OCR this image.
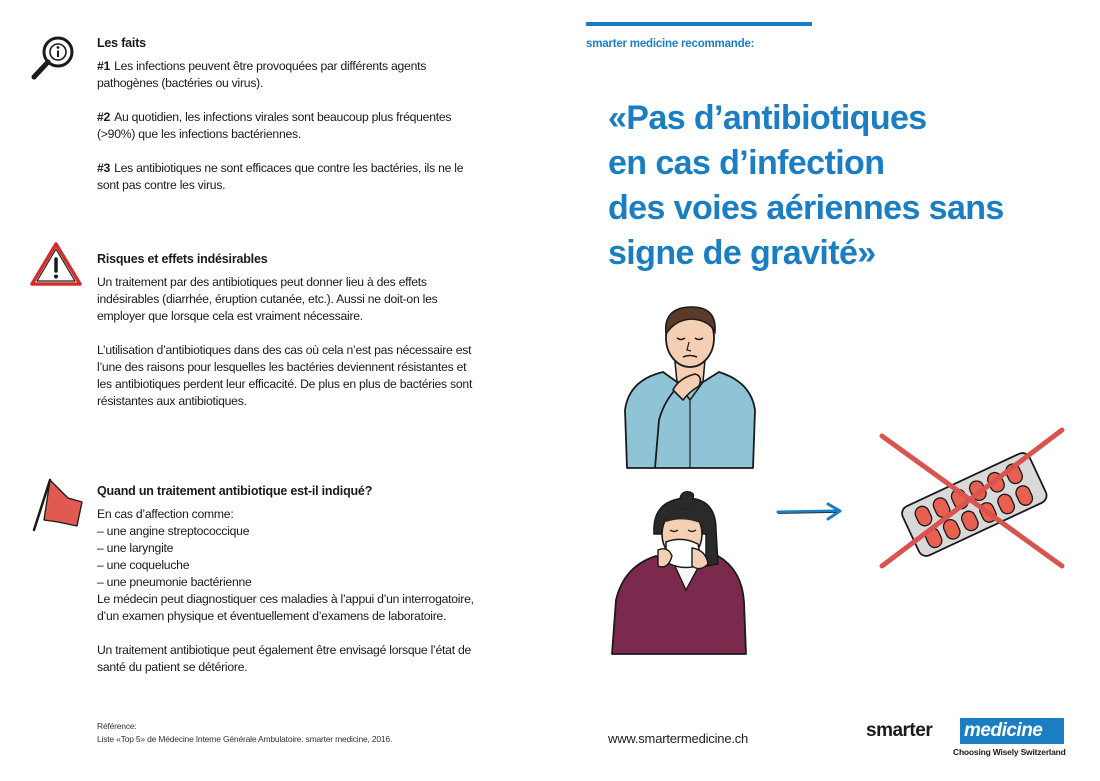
Les faits
#1 Les infections peuvent être provoquées par différents agents pathogènes (bactéries ou virus).
#2 Au quotidien, les infections virales sont beaucoup plus fréquentes (>90%) que les infections bactériennes.
#3 Les antibiotiques ne sont efficaces que contre les bactéries, ils ne le sont pas contre les virus.
Risques et effets indésirables
Un traitement par des antibiotiques peut donner lieu à des effets indésirables (diarrhée, éruption cutanée, etc.). Aussi ne doit-on les employer que lorsque cela est vraiment nécessaire.
L’utilisation d’antibiotiques dans des cas où cela n’est pas nécessaire est l’une des raisons pour lesquelles les bactéries deviennent résistantes et les antibiotiques perdent leur efficacité. De plus en plus de bactéries sont résistantes aux antibiotiques.
Quand un traitement antibiotique est-il indiqué?
En cas d’affection comme:
– une angine streptococcique
– une laryngite
– une coqueluche
– une pneumonie bactérienne
Le médecin peut diagnostiquer ces maladies à l’appui d’un interrogatoire, d’un examen physique et éventuellement d’examens de laboratoire.
Un traitement antibiotique peut également être envisagé lorsque l’état de santé du patient se détériore.
Référence:
Liste «Top 5» de Médecine Interne Générale Ambulatoire. smarter medicine, 2016.
smarter medicine recommande:
«Pas d’antibiotiques
en cas d’infection
des voies aériennes sans
signe de gravité»
www.smartermedicine.ch	smarter medicine
Choosing Wisely Switzerland
